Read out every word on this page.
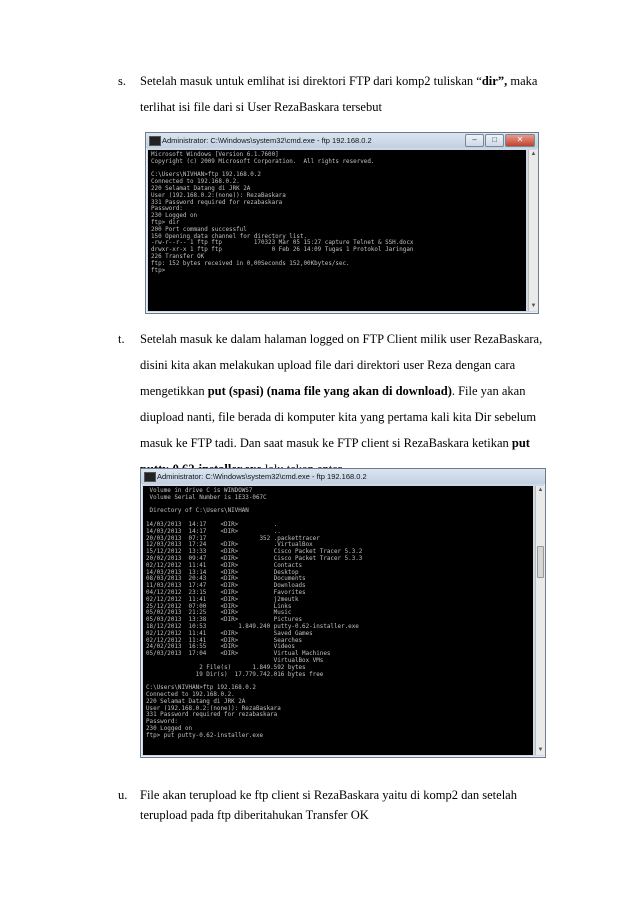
s. Setelah masuk untuk emlihat isi direktori FTP dari komp2 tuliskan “dir”, maka
terlihat isi file dari si User RezaBaskara tersebut
Administrator: C:\Windows\system32\cmd.exe - ftp 192.168.0.2	–	□	✕
Microsoft Windows [Version 6.1.7600]
Copyright (c) 2009 Microsoft Corporation.  All rights reserved.

C:\Users\NIVHAN>ftp 192.168.0.2
Connected to 192.168.0.2.
220 Selamat Datang di JRK 2A
User (192.168.0.2:(none)): RezaBaskara
331 Password required for rezabaskara
Password:
230 Logged on
ftp> dir
200 Port command successful
150 Opening data channel for directory list.
-rw-r--r-- 1 ftp ftp         170323 Mar 05 15:27 capture Telnet & SSH.docx
drwxr-xr-x 1 ftp ftp              0 Feb 26 14:09 Tugas 1 Protokol Jaringan
226 Transfer OK
ftp: 152 bytes received in 0,00Seconds 152,00Kbytes/sec.
ftp>
▲
▼
t. Setelah masuk ke dalam halaman logged on FTP Client milik user RezaBaskara,
disini kita akan melakukan upload file dari direktori user Reza dengan cara
mengetikkan put (spasi) (nama file yang akan di download). File yan akan
diupload nanti, file berada di komputer kita yang pertama kali kita Dir sebelum
masuk ke FTP tadi. Dan saat masuk ke FTP client si RezaBaskara ketikan put
Administrator: C:\Windows\system32\cmd.exe - ftp 192.168.0.2
Volume in drive C is WINDOWS7
Volume Serial Number is 1E33-067C

Directory of C:\Users\NIVHAN

14/03/2013  14:17    <DIR>          .
14/03/2013  14:17    <DIR>          ..
20/03/2013  07:17               352 .packettracer
12/03/2013  17:24    <DIR>          .VirtualBox
15/12/2012  13:33    <DIR>          Cisco Packet Tracer 5.3.2
20/02/2013  09:47    <DIR>          Cisco Packet Tracer 5.3.3
02/12/2012  11:41    <DIR>          Contacts
14/03/2013  13:14    <DIR>          Desktop
08/03/2013  20:43    <DIR>          Documents
11/03/2013  17:47    <DIR>          Downloads
04/12/2012  23:15    <DIR>          Favorites
02/12/2012  11:41    <DIR>          j2meutk
25/12/2012  07:00    <DIR>          Links
05/02/2013  21:25    <DIR>          Music
05/03/2013  13:38    <DIR>          Pictures
18/12/2012  10:53         1.849.240 putty-0.62-installer.exe
02/12/2012  11:41    <DIR>          Saved Games
02/12/2012  11:41    <DIR>          Searches
24/02/2013  16:55    <DIR>          Videos
05/03/2013  17:04    <DIR>          Virtual Machines
VirtualBox VMs
2 File(s)      1.849.592 bytes
19 Dir(s)  17.779.742.016 bytes free

C:\Users\NIVHAN>ftp 192.168.0.2
Connected to 192.168.0.2.
220 Selamat Datang di JRK 2A
User (192.168.0.2:(none)): RezaBaskara
331 Password required for rezabaskara
Password:
230 Logged on
ftp> put putty-0.62-installer.exe
▲
▼
u. File akan terupload ke ftp client si RezaBaskara yaitu di komp2 dan setelah
terupload pada ftp diberitahukan Transfer OK
